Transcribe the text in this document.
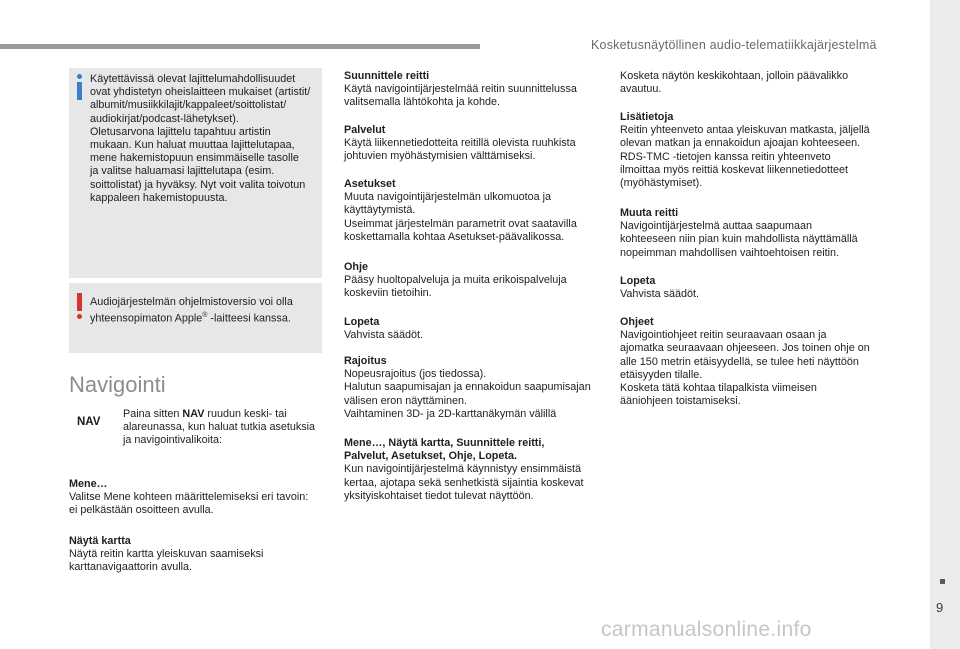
Kosketusnäytöllinen audio-telematiikkajärjestelmä
9
Käytettävissä olevat lajittelumahdollisuudet
ovat yhdistetyn oheislaitteen mukaiset (artistit/
albumit/musiikkilajit/kappaleet/soittolistat/
audiokirjat/podcast-lähetykset).
Oletusarvona lajittelu tapahtuu artistin
mukaan. Kun haluat muuttaa lajittelutapaa,
mene hakemistopuun ensimmäiselle tasolle
ja valitse haluamasi lajittelutapa (esim.
soittolistat) ja hyväksy. Nyt voit valita toivotun
kappaleen hakemistopuusta.
Audiojärjestelmän ohjelmistoversio voi olla
yhteensopimaton Apple® -laitteesi kanssa.
Navigointi
NAV
Paina sitten NAV ruudun keski- tai
alareunassa, kun haluat tutkia asetuksia
ja navigointivalikoita:
Mene…
Valitse Mene kohteen määrittelemiseksi eri tavoin:
ei pelkästään osoitteen avulla.
Näytä kartta
Näytä reitin kartta yleiskuvan saamiseksi
karttanavigaattorin avulla.
Suunnittele reitti
Käytä navigointijärjestelmää reitin suunnittelussa
valitsemalla lähtökohta ja kohde.
Palvelut
Käytä liikennetiedotteita reitillä olevista ruuhkista
johtuvien myöhästymisien välttämiseksi.
Asetukset
Muuta navigointijärjestelmän ulkomuotoa ja
käyttäytymistä.
Useimmat järjestelmän parametrit ovat saatavilla
koskettamalla kohtaa Asetukset-päävalikossa.
Ohje
Pääsy huoltopalveluja ja muita erikoispalveluja
koskeviin tietoihin.
Lopeta
Vahvista säädöt.
Rajoitus
Nopeusrajoitus (jos tiedossa).
Halutun saapumisajan ja ennakoidun saapumisajan
välisen eron näyttäminen.
Vaihtaminen 3D- ja 2D-karttanäkymän välillä
Mene…, Näytä kartta, Suunnittele reitti,
Palvelut, Asetukset, Ohje, Lopeta.
Kun navigointijärjestelmä käynnistyy ensimmäistä
kertaa, ajotapa sekä senhetkistä sijaintia koskevat
yksityiskohtaiset tiedot tulevat näyttöön.
Kosketa näytön keskikohtaan, jolloin päävalikko
avautuu.
Lisätietoja
Reitin yhteenveto antaa yleiskuvan matkasta, jäljellä
olevan matkan ja ennakoidun ajoajan kohteeseen.
RDS-TMC -tietojen kanssa reitin yhteenveto
ilmoittaa myös reittiä koskevat liikennetiedotteet
(myöhästymiset).
Muuta reitti
Navigointijärjestelmä auttaa saapumaan
kohteeseen niin pian kuin mahdollista näyttämällä
nopeimman mahdollisen vaihtoehtoisen reitin.
Lopeta
Vahvista säädöt.
Ohjeet
Navigointiohjeet reitin seuraavaan osaan ja
ajomatka seuraavaan ohjeeseen. Jos toinen ohje on
alle 150 metrin etäisyydellä, se tulee heti näyttöön
etäisyyden tilalle.
Kosketa tätä kohtaa tilapalkista viimeisen
ääniohjeen toistamiseksi.
carmanualsonline.info
